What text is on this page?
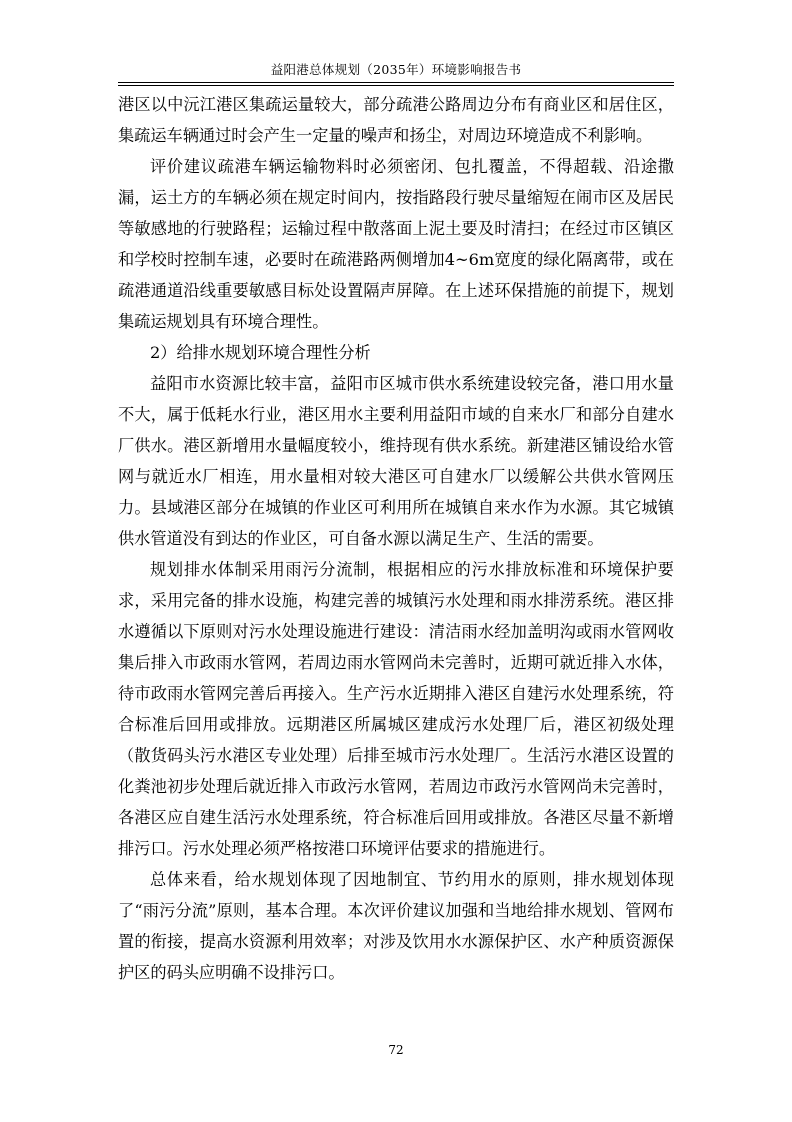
益阳港总体规划（2035年）环境影响报告书

港区以中沅江港区集疏运量较大，部分疏港公路周边分布有商业区和居住区，集疏运车辆通过时会产生一定量的噪声和扬尘，对周边环境造成不利影响。

评价建议疏港车辆运输物料时必须密闭、包扎覆盖，不得超载、沿途撒漏，运土方的车辆必须在规定时间内，按指路段行驶尽量缩短在闹市区及居民等敏感地的行驶路程；运输过程中散落面上泥土要及时清扫；在经过市区镇区和学校时控制车速，必要时在疏港路两侧增加4~6m宽度的绿化隔离带，或在疏港通道沿线重要敏感目标处设置隔声屏障。在上述环保措施的前提下，规划集疏运规划具有环境合理性。

2）给排水规划环境合理性分析

益阳市水资源比较丰富，益阳市区城市供水系统建设较完备，港口用水量不大，属于低耗水行业，港区用水主要利用益阳市域的自来水厂和部分自建水厂供水。港区新增用水量幅度较小，维持现有供水系统。新建港区铺设给水管网与就近水厂相连，用水量相对较大港区可自建水厂以缓解公共供水管网压力。县域港区部分在城镇的作业区可利用所在城镇自来水作为水源。其它城镇供水管道没有到达的作业区，可自备水源以满足生产、生活的需要。

规划排水体制采用雨污分流制，根据相应的污水排放标准和环境保护要求，采用完备的排水设施，构建完善的城镇污水处理和雨水排涝系统。港区排水遵循以下原则对污水处理设施进行建设：清洁雨水经加盖明沟或雨水管网收集后排入市政雨水管网，若周边雨水管网尚未完善时，近期可就近排入水体，待市政雨水管网完善后再接入。生产污水近期排入港区自建污水处理系统，符合标准后回用或排放。远期港区所属城区建成污水处理厂后，港区初级处理（散货码头污水港区专业处理）后排至城市污水处理厂。生活污水港区设置的化粪池初步处理后就近排入市政污水管网，若周边市政污水管网尚未完善时，各港区应自建生活污水处理系统，符合标准后回用或排放。各港区尽量不新增排污口。污水处理必须严格按港口环境评估要求的措施进行。

总体来看，给水规划体现了因地制宜、节约用水的原则，排水规划体现了“雨污分流”原则，基本合理。本次评价建议加强和当地给排水规划、管网布置的衔接，提高水资源利用效率；对涉及饮用水水源保护区、水产种质资源保护区的码头应明确不设排污口。

72
